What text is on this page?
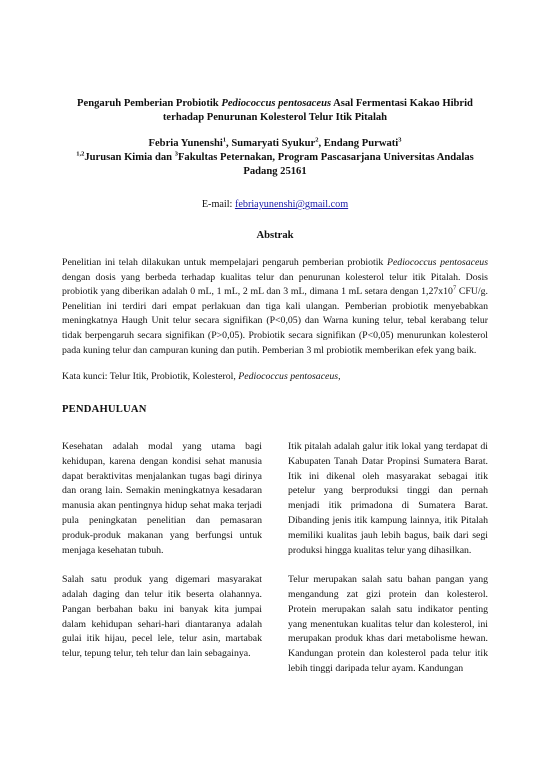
Pengaruh Pemberian Probiotik Pediococcus pentosaceus Asal Fermentasi Kakao Hibrid
terhadap Penurunan Kolesterol Telur Itik Pitalah
Febria Yunenshi$^1$, Sumaryati Syukur$^2$, Endang Purwati$^3$
$^{1,2}$Jurusan Kimia dan $^3$Fakultas Peternakan, Program Pascasarjana Universitas Andalas
Padang 25161
E-mail: febriayunenshi@gmail.com
Abstrak
Penelitian ini telah dilakukan untuk mempelajari pengaruh pemberian probiotik Pediococcus pentosaceus dengan dosis yang berbeda terhadap kualitas telur dan penurunan kolesterol telur itik Pitalah. Dosis probiotik yang diberikan adalah 0 mL, 1 mL, 2 mL dan 3 mL, dimana 1 mL setara dengan $1,27x10^7$ CFU/g. Penelitian ini terdiri dari empat perlakuan dan tiga kali ulangan. Pemberian probiotik menyebabkan meningkatnya Haugh Unit telur secara signifikan (P<0,05) dan Warna kuning telur, tebal kerabang telur tidak berpengaruh secara signifikan (P>0,05). Probiotik secara signifikan (P<0,05) menurunkan kolesterol pada kuning telur dan campuran kuning dan putih. Pemberian 3 ml probiotik memberikan efek yang baik.
Kata kunci: Telur Itik, Probiotik, Kolesterol, Pediococcus pentosaceus,
PENDAHULUAN

Kesehatan adalah modal yang utama bagi kehidupan, karena dengan kondisi sehat manusia dapat beraktivitas menjalankan tugas bagi dirinya dan orang lain. Semakin meningkatnya kesadaran manusia akan pentingnya hidup sehat maka terjadi pula peningkatan penelitian dan pemasaran produk-produk makanan yang berfungsi untuk menjaga kesehatan tubuh.

Salah satu produk yang digemari masyarakat adalah daging dan telur itik beserta olahannya. Pangan berbahan baku ini banyak kita jumpai dalam kehidupan sehari-hari diantaranya adalah gulai itik hijau, pecel lele, telur asin, martabak telur, tepung telur, teh telur dan lain sebagainya.

Itik pitalah adalah galur itik lokal yang terdapat di Kabupaten Tanah Datar Propinsi Sumatera Barat. Itik ini dikenal oleh masyarakat sebagai itik petelur yang berproduksi tinggi dan pernah menjadi itik primadona di Sumatera Barat. Dibanding jenis itik kampung lainnya, itik Pitalah memiliki kualitas jauh lebih bagus, baik dari segi produksi hingga kualitas telur yang dihasilkan.

Telur merupakan salah satu bahan pangan yang mengandung zat gizi protein dan kolesterol. Protein merupakan salah satu indikator penting yang menentukan kualitas telur dan kolesterol, ini merupakan produk khas dari metabolisme hewan. Kandungan protein dan kolesterol pada telur itik lebih tinggi daripada telur ayam. Kandungan
